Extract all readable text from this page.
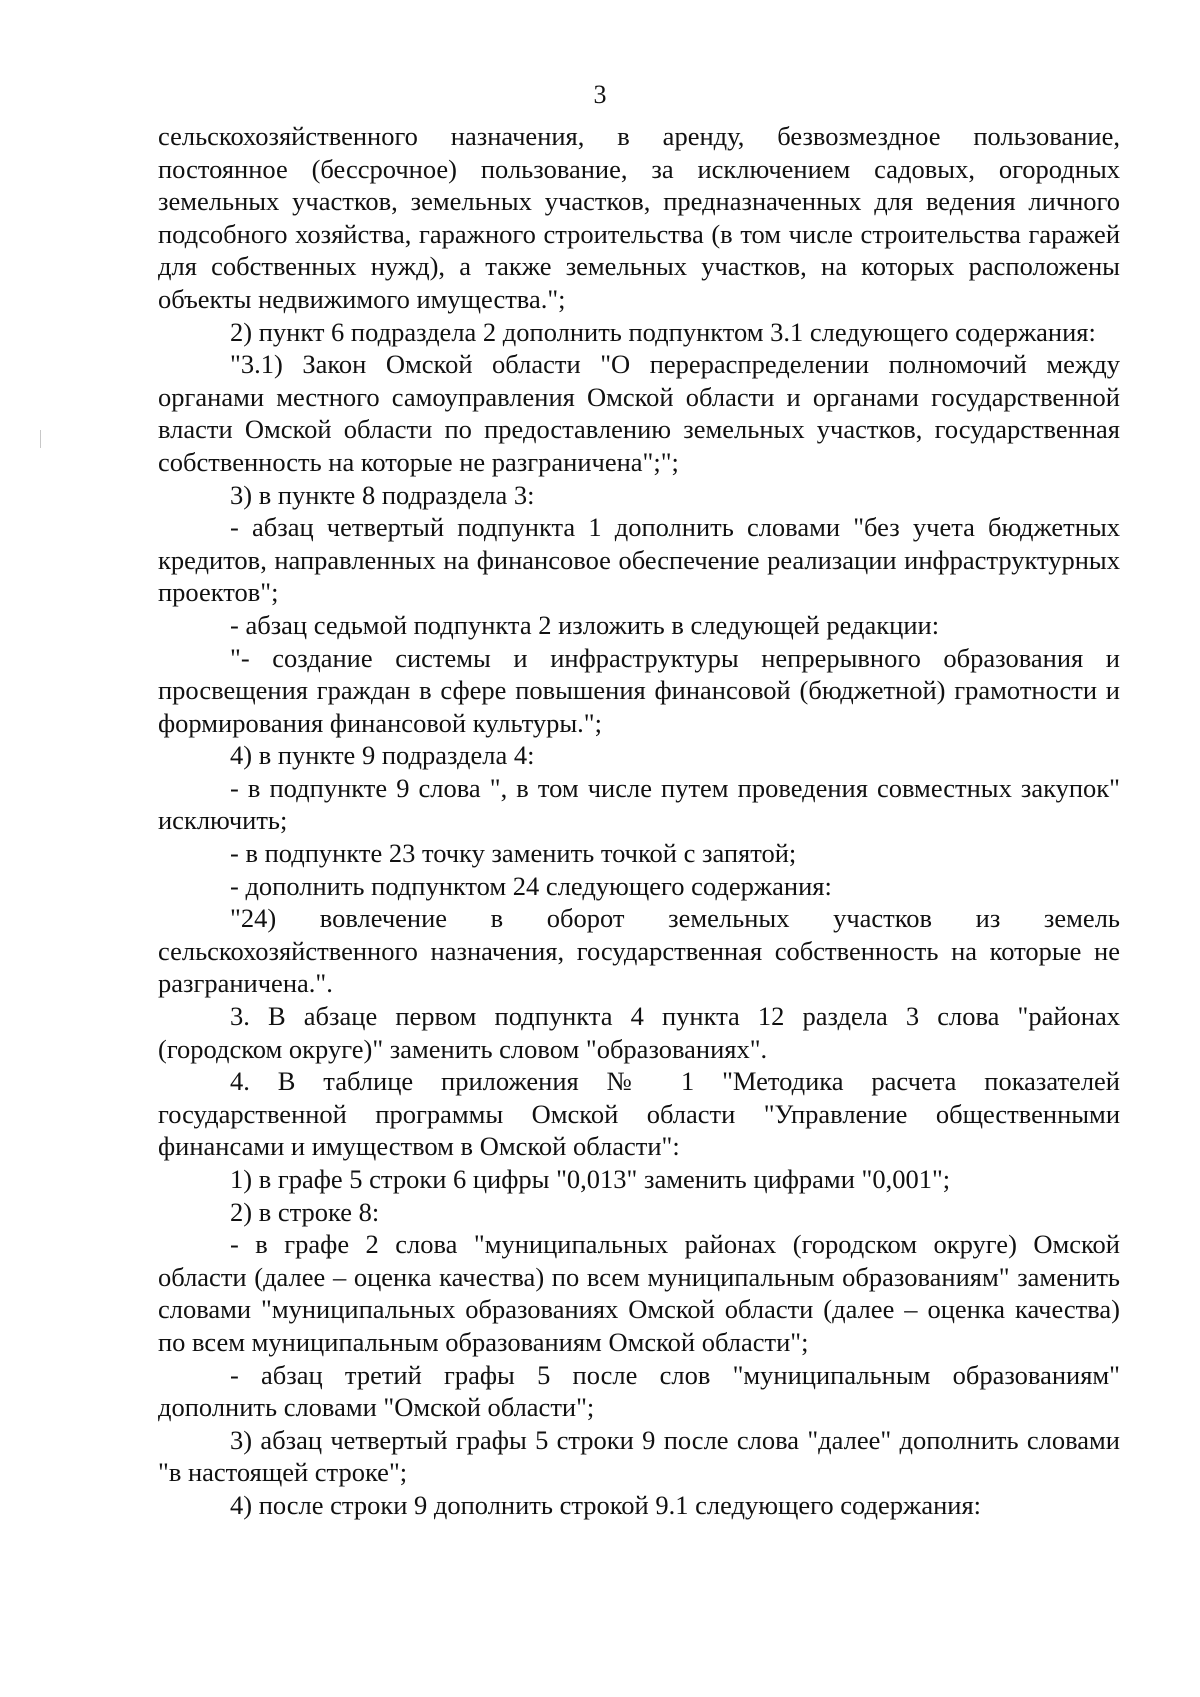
3

сельскохозяйственного назначения, в аренду, безвозмездное пользование, постоянное (бессрочное) пользование, за исключением садовых, огородных земельных участков, земельных участков, предназначенных для ведения личного подсобного хозяйства, гаражного строительства (в том числе строительства гаражей для собственных нужд), а также земельных участков, на которых расположены объекты недвижимого имущества.";

2) пункт 6 подраздела 2 дополнить подпунктом 3.1 следующего содержания:

"3.1) Закон Омской области "О перераспределении полномочий между органами местного самоуправления Омской области и органами государственной власти Омской области по предоставлению земельных участков, государственная собственность на которые не разграничена";";

3) в пункте 8 подраздела 3:

- абзац четвертый подпункта 1 дополнить словами "без учета бюджетных кредитов, направленных на финансовое обеспечение реализации инфраструктурных проектов";

- абзац седьмой подпункта 2 изложить в следующей редакции:

"- создание системы и инфраструктуры непрерывного образования и просвещения граждан в сфере повышения финансовой (бюджетной) грамотности и формирования финансовой культуры.";

4) в пункте 9 подраздела 4:

- в подпункте 9 слова ", в том числе путем проведения совместных закупок" исключить;

- в подпункте 23 точку заменить точкой с запятой;

- дополнить подпунктом 24 следующего содержания:

"24) вовлечение в оборот земельных участков из земель сельскохозяйственного назначения, государственная собственность на которые не разграничена.".

3. В абзаце первом подпункта 4 пункта 12 раздела 3 слова "районах (городском округе)" заменить словом "образованиях".

4. В таблице приложения № 1 "Методика расчета показателей государственной программы Омской области "Управление общественными финансами и имуществом в Омской области":

1) в графе 5 строки 6 цифры "0,013" заменить цифрами "0,001";

2) в строке 8:

- в графе 2 слова "муниципальных районах (городском округе) Омской области (далее – оценка качества) по всем муниципальным образованиям" заменить словами "муниципальных образованиях Омской области (далее – оценка качества) по всем муниципальным образованиям Омской области";

- абзац третий графы 5 после слов "муниципальным образованиям" дополнить словами "Омской области";

3) абзац четвертый графы 5 строки 9 после слова "далее" дополнить словами "в настоящей строке";

4) после строки 9 дополнить строкой 9.1 следующего содержания:
